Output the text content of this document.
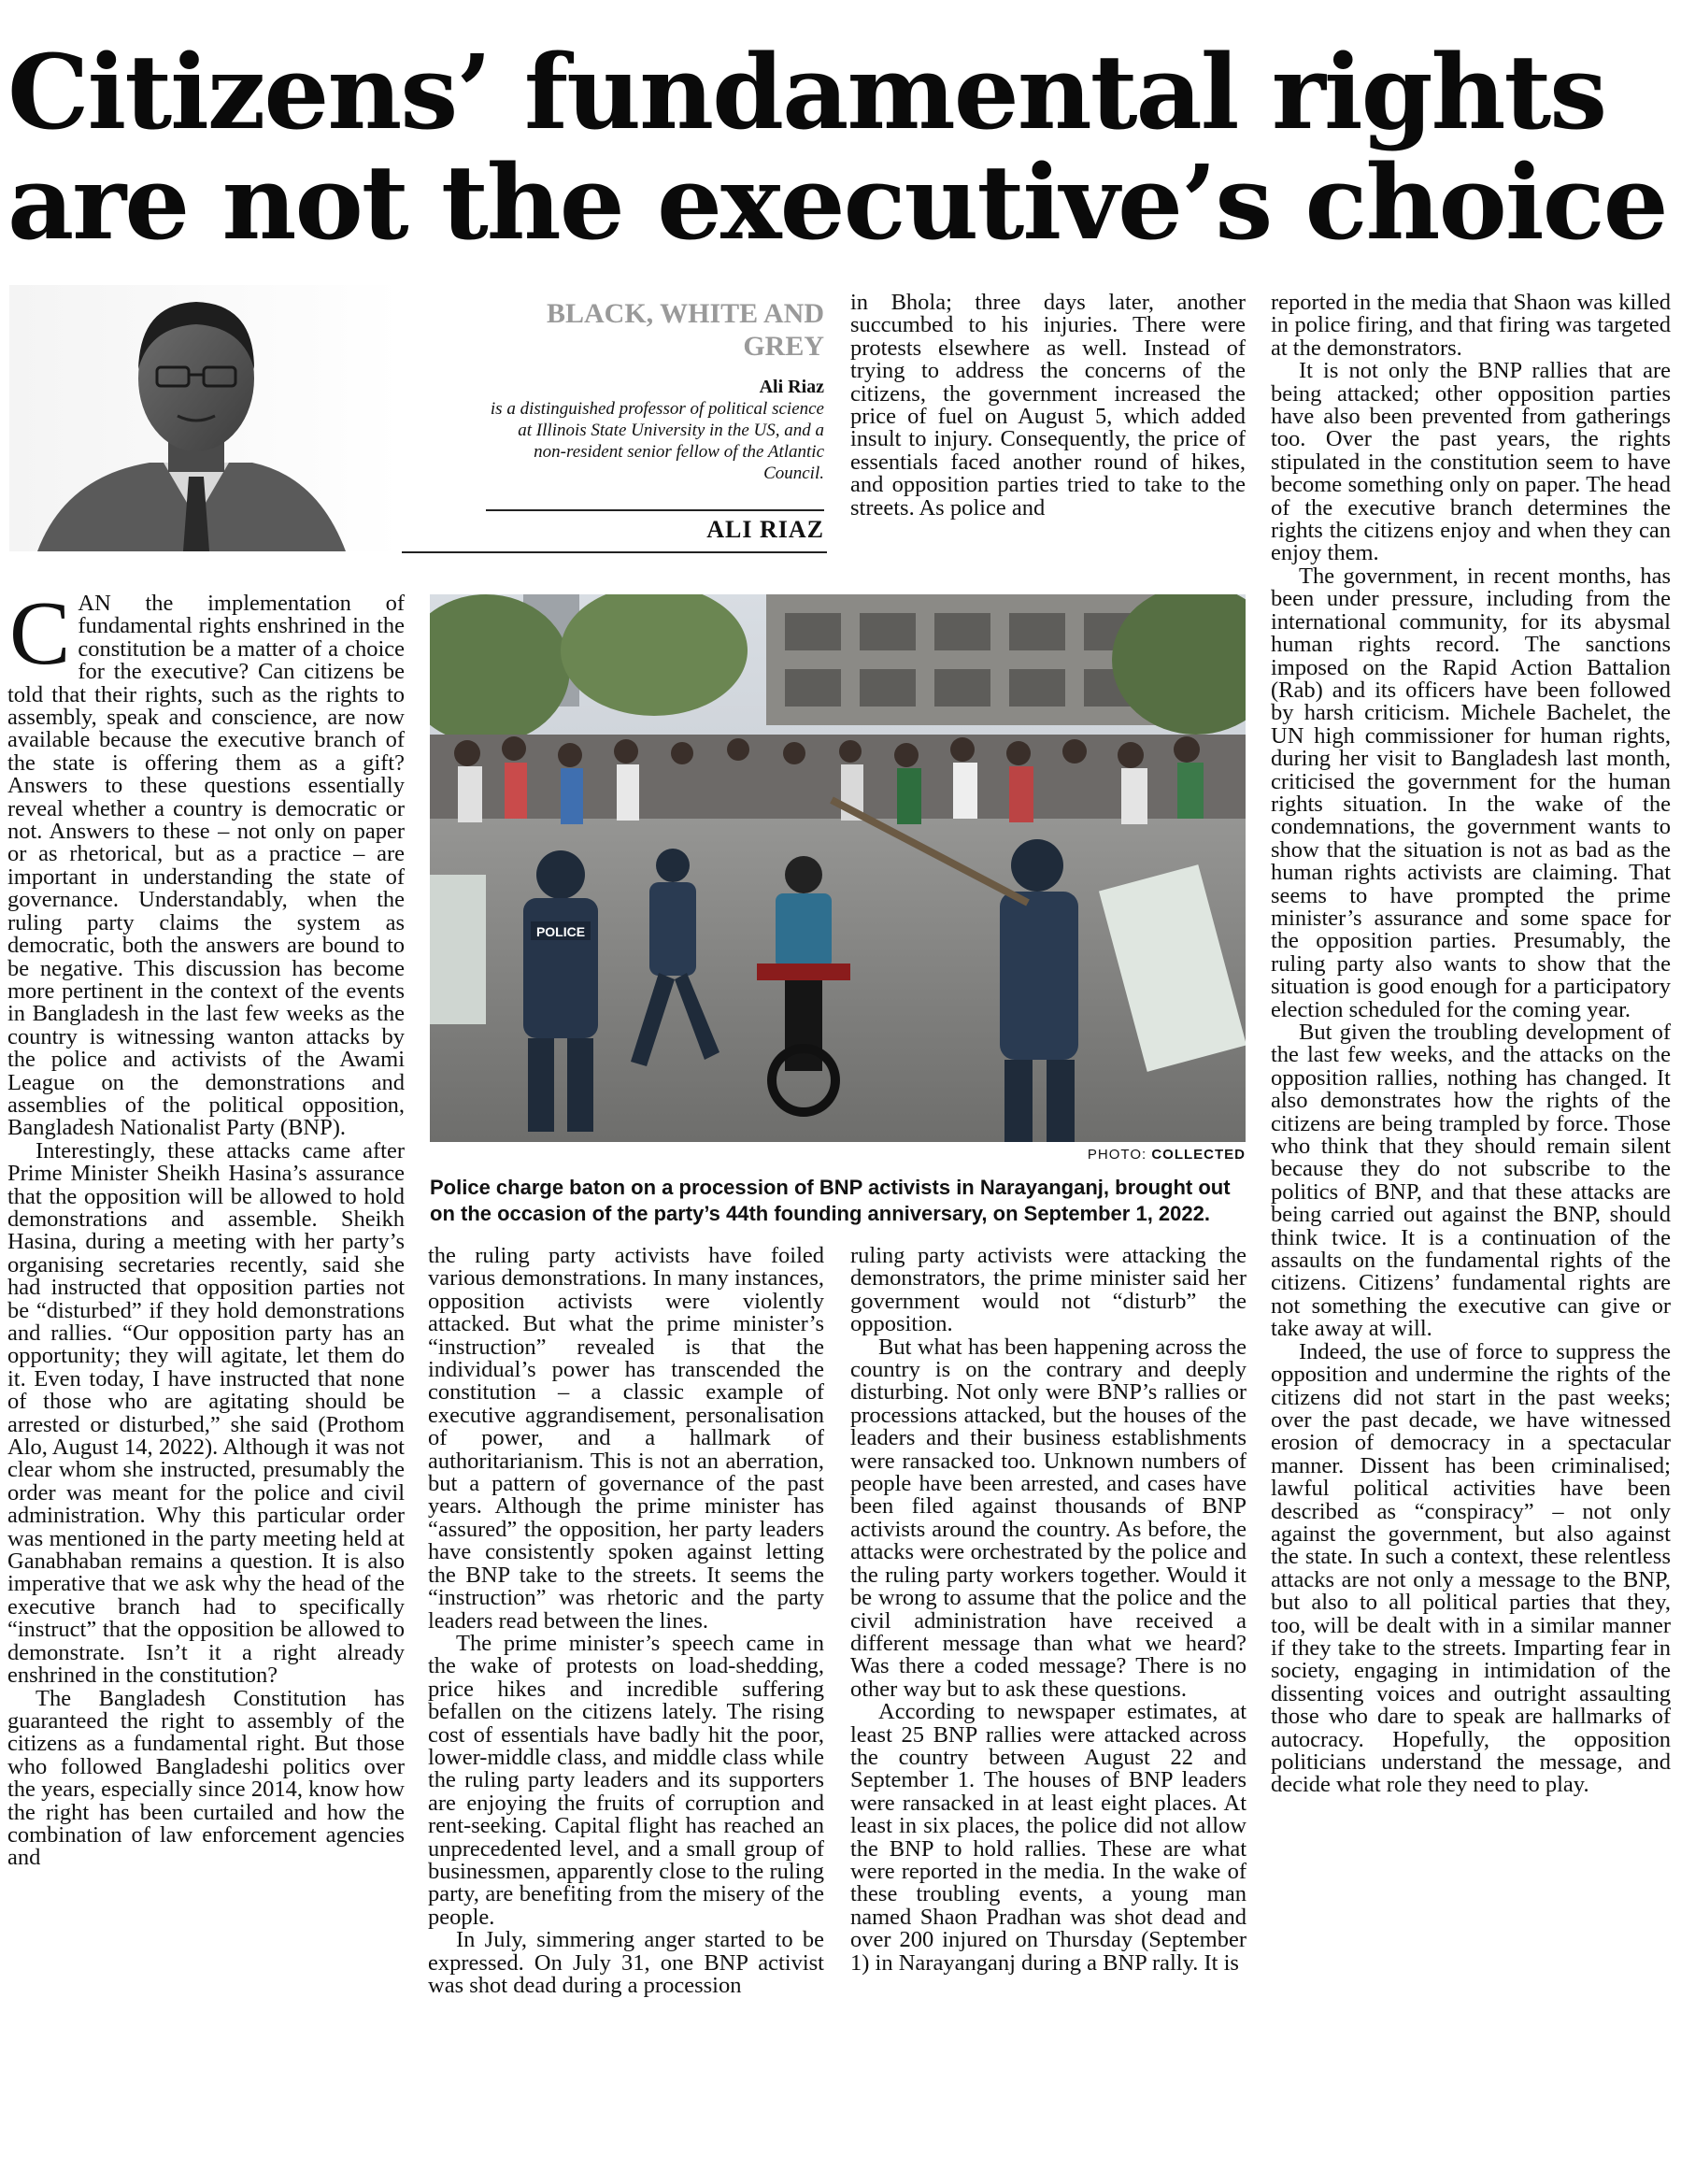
Citizens’ fundamental rights
are not the executive’s choice
BLACK, WHITE AND GREY
Ali Riaz
is a distinguished professor of political science at Illinois State University in the US, and a non-resident senior fellow of the Atlantic Council.
ALI RIAZ

CAN the implementation of fundamental rights enshrined in the constitution be a matter of a choice for the executive? Can citizens be told that their rights, such as the rights to assembly, speak and conscience, are now available because the executive branch of the state is offering them as a gift? Answers to these questions essentially reveal whether a country is democratic or not. Answers to these – not only on paper or as rhetorical, but as a practice – are important in understanding the state of governance. Understandably, when the ruling party claims the system as democratic, both the answers are bound to be negative. This discussion has become more pertinent in the context of the events in Bangladesh in the last few weeks as the country is witnessing wanton attacks by the police and activists of the Awami League on the demonstrations and assemblies of the political opposition, Bangladesh Nationalist Party (BNP).

Interestingly, these attacks came after Prime Minister Sheikh Hasina’s assurance that the opposition will be allowed to hold demonstrations and assemble. Sheikh Hasina, during a meeting with her party’s organising secretaries recently, said she had instructed that opposition parties not be “disturbed” if they hold demonstrations and rallies. “Our opposition party has an opportunity; they will agitate, let them do it. Even today, I have instructed that none of those who are agitating should be arrested or disturbed,” she said (Prothom Alo, August 14, 2022). Although it was not clear whom she instructed, presumably the order was meant for the police and civil administration. Why this particular order was mentioned in the party meeting held at Ganabhaban remains a question. It is also imperative that we ask why the head of the executive branch had to specifically “instruct” that the opposition be allowed to demonstrate. Isn’t it a right already enshrined in the constitution?

The Bangladesh Constitution has guaranteed the right to assembly of the citizens as a fundamental right. But those who followed Bangladeshi politics over the years, especially since 2014, know how the right has been curtailed and how the combination of law enforcement agencies and

in Bhola; three days later, another succumbed to his injuries. There were protests elsewhere as well. Instead of trying to address the concerns of the citizens, the government increased the price of fuel on August 5, which added insult to injury. Consequently, the price of essentials faced another round of hikes, and opposition parties tried to take to the streets. As police and

POLICE
PHOTO: COLLECTED
Police charge baton on a procession of BNP activists in Narayanganj, brought out on the occasion of the party’s 44th founding anniversary, on September 1, 2022.

the ruling party activists have foiled various demonstrations. In many instances, opposition activists were violently attacked. But what the prime minister’s “instruction” revealed is that the individual’s power has transcended the constitution – a classic example of executive aggrandisement, personalisation of power, and a hallmark of authoritarianism. This is not an aberration, but a pattern of governance of the past years. Although the prime minister has “assured” the opposition, her party leaders have consistently spoken against letting the BNP take to the streets. It seems the “instruction” was rhetoric and the party leaders read between the lines.

The prime minister’s speech came in the wake of protests on load-shedding, price hikes and incredible suffering befallen on the citizens lately. The rising cost of essentials have badly hit the poor, lower-middle class, and middle class while the ruling party leaders and its supporters are enjoying the fruits of corruption and rent-seeking. Capital flight has reached an unprecedented level, and a small group of businessmen, apparently close to the ruling party, are benefiting from the misery of the people.

In July, simmering anger started to be expressed. On July 31, one BNP activist was shot dead during a procession

ruling party activists were attacking the demonstrators, the prime minister said her government would not “disturb” the opposition.

But what has been happening across the country is on the contrary and deeply disturbing. Not only were BNP’s rallies or processions attacked, but the houses of the leaders and their business establishments were ransacked too. Unknown numbers of people have been arrested, and cases have been filed against thousands of BNP activists around the country. As before, the attacks were orchestrated by the police and the ruling party workers together. Would it be wrong to assume that the police and the civil administration have received a different message than what we heard? Was there a coded message? There is no other way but to ask these questions.

According to newspaper estimates, at least 25 BNP rallies were attacked across the country between August 22 and September 1. The houses of BNP leaders were ransacked in at least eight places. At least in six places, the police did not allow the BNP to hold rallies. These are what were reported in the media. In the wake of these troubling events, a young man named Shaon Pradhan was shot dead and over 200 injured on Thursday (September 1) in Narayanganj during a BNP rally. It is

reported in the media that Shaon was killed in police firing, and that firing was targeted at the demonstrators.

It is not only the BNP rallies that are being attacked; other opposition parties have also been prevented from gatherings too. Over the past years, the rights stipulated in the constitution seem to have become something only on paper. The head of the executive branch determines the rights the citizens enjoy and when they can enjoy them.

The government, in recent months, has been under pressure, including from the international community, for its abysmal human rights record. The sanctions imposed on the Rapid Action Battalion (Rab) and its officers have been followed by harsh criticism. Michele Bachelet, the UN high commissioner for human rights, during her visit to Bangladesh last month, criticised the government for the human rights situation. In the wake of the condemnations, the government wants to show that the situation is not as bad as the human rights activists are claiming. That seems to have prompted the prime minister’s assurance and some space for the opposition parties. Presumably, the ruling party also wants to show that the situation is good enough for a participatory election scheduled for the coming year.

But given the troubling development of the last few weeks, and the attacks on the opposition rallies, nothing has changed. It also demonstrates how the rights of the citizens are being trampled by force. Those who think that they should remain silent because they do not subscribe to the politics of BNP, and that these attacks are being carried out against the BNP, should think twice. It is a continuation of the assaults on the fundamental rights of the citizens. Citizens’ fundamental rights are not something the executive can give or take away at will.

Indeed, the use of force to suppress the opposition and undermine the rights of the citizens did not start in the past weeks; over the past decade, we have witnessed erosion of democracy in a spectacular manner. Dissent has been criminalised; lawful political activities have been described as “conspiracy” – not only against the government, but also against the state. In such a context, these relentless attacks are not only a message to the BNP, but also to all political parties that they, too, will be dealt with in a similar manner if they take to the streets. Imparting fear in society, engaging in intimidation of the dissenting voices and outright assaulting those who dare to speak are hallmarks of autocracy. Hopefully, the opposition politicians understand the message, and decide what role they need to play.
